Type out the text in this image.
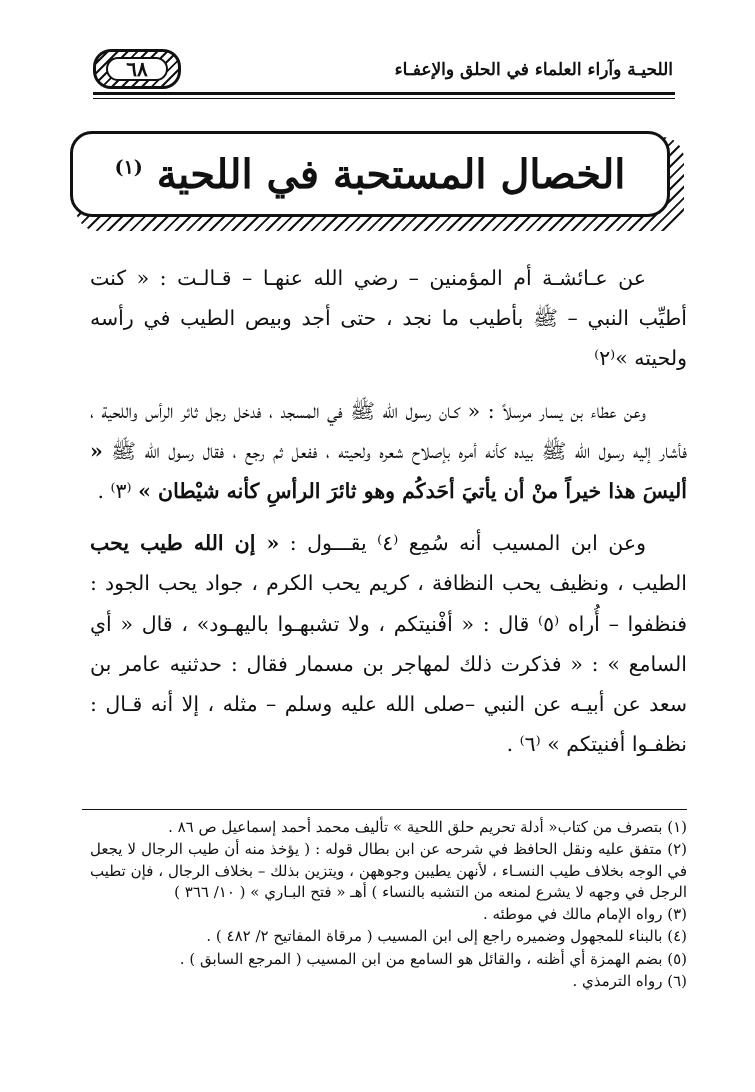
اللحيـة وآراء العلماء في الحلق والإعفـاء
٦٨
الخصال المستحبة في اللحية $^{(١)}$

عن عـائشـة أم المؤمنين – رضي الله عنهـا – قـالـت : « كنت أطيِّب النبي – ﷺ بأطيب ما نجد ، حتى أجد وبيص الطيب في رأسه ولحيته »⁽٢⁾

وعن عطاء بن يسار مرسلاً : « كـان رسول الله ﷺ في المسجد ، فدخل رجل ثائر الرأس واللحية ، فأشار إليه رسول الله ﷺ بيده كأنه أمره بإصلاح شعره ولحيته ، ففعل ثم رجع ، فقال رسول الله ﷺ « أليسَ هذا خيراً منْ أن يأتيَ أحَدكُم وهو ثائرَ الرأسِ كأنه شيْطان » ⁽٣⁾ .

وعن ابن المسيب أنه سُمِع ⁽٤⁾ يقـــول : « إن الله طيب يحب الطيب ، ونظيف يحب النظافة ، كريم يحب الكرم ، جواد يحب الجود : فنظفوا – أُراه ⁽٥⁾ قال : « أفْنيتكم ، ولا تشبهـوا باليهـود» ، قال « أي السامع » : « فذكرت ذلك لمهاجر بن مسمار فقال : حدثنيه عامر بن سعد عن أبيـه عن النبي –صلى الله عليه وسلم – مثله ، إلا أنه قـال : نظفـوا أفنيتكم » ⁽٦⁾ .

(١) بتصرف من كتاب« أدلة تحريم حلق اللحية » تأليف محمد أحمد إسماعيل ص ٨٦ .

(٢) متفق عليه ونقل الحافظ في شرحه عن ابن بطال قوله : ( يؤخذ منه أن طيب الرجال لا يجعل في الوجه بخلاف طيب النسـاء ، لأنهن يطيبن وجوههن ، ويتزين بذلك – بخلاف الرجال ، فإن تطيب الرجل في وجهه لا يشرع لمنعه من التشبه بالنساء ) أهـ « فتح البـاري » ( ١٠/ ٣٦٦ )

(٣) رواه الإمام مالك في موطئه .

(٤) بالبناء للمجهول وضميره راجع إلى ابن المسيب ( مرقاة المفاتيح ٢/ ٤٨٢ ) .

(٥) بضم الهمزة أي أظنه ، والقائل هو السامع من ابن المسيب ( المرجع السابق ) .

(٦) رواه الترمذي .
